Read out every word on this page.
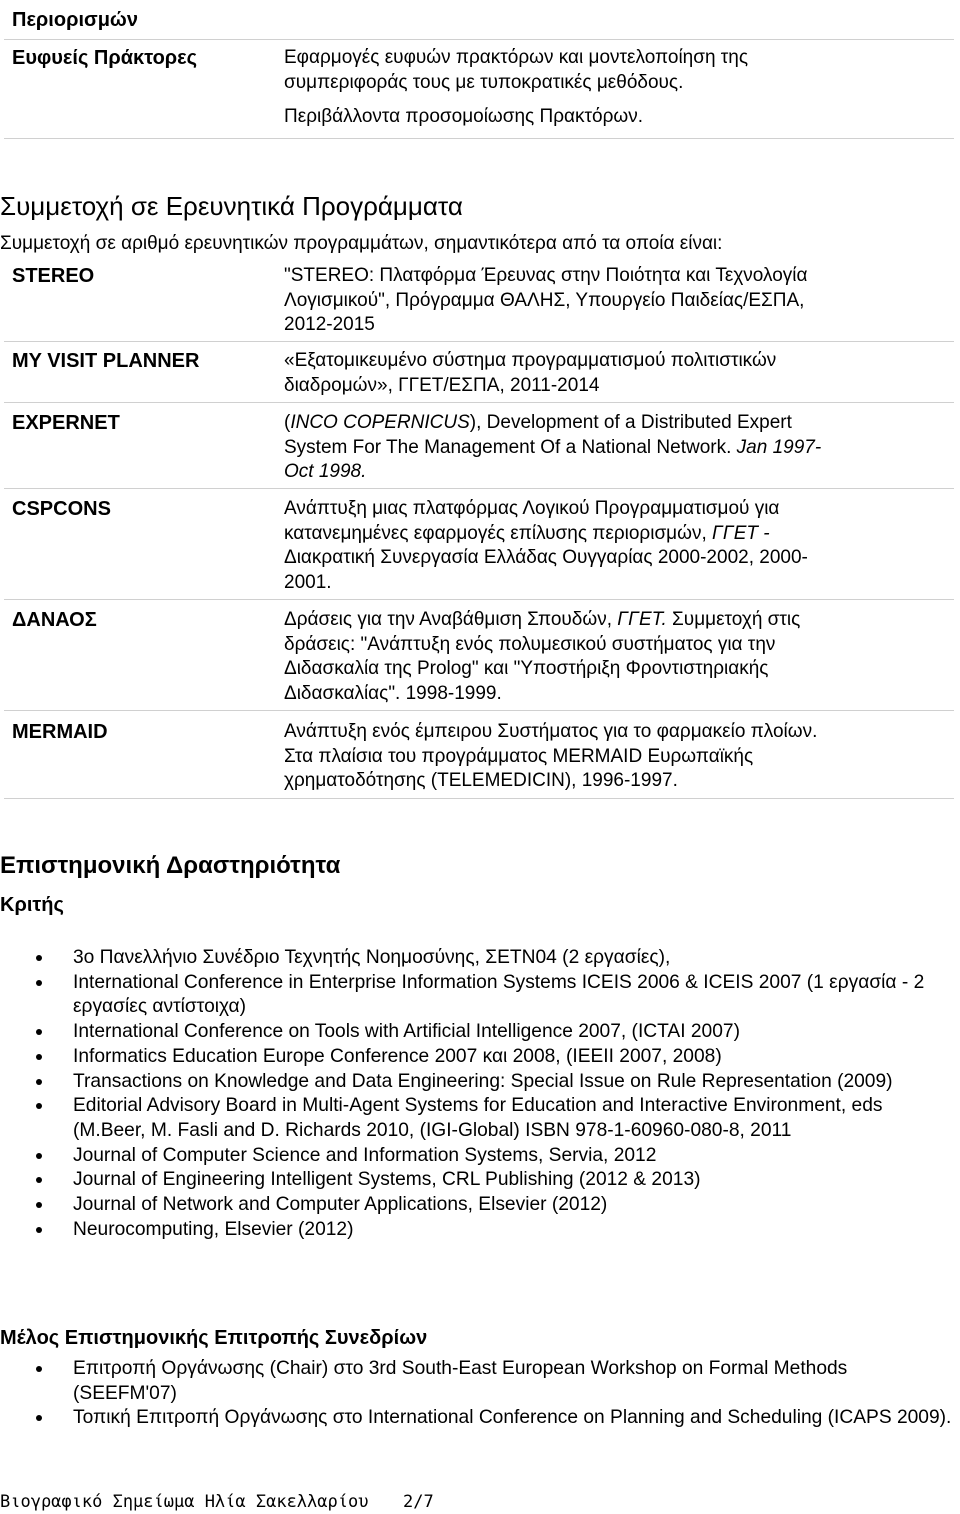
Περιορισμών
Ευφυείς Πράκτορες	Εφαρμογές ευφυών πρακτόρων και μοντελοποίηση της
συμπεριφοράς τους με τυποκρατικές μεθόδους.
Περιβάλλοντα προσομοίωσης Πρακτόρων.
Συμμετοχή σε Ερευνητικά Προγράμματα
Συμμετοχή σε αριθμό ερευνητικών προγραμμάτων, σημαντικότερα από τα οποία είναι:
STEREO	"STEREO: Πλατφόρμα Έρευνας στην Ποιότητα και Τεχνολογία
Λογισμικού", Πρόγραμμα ΘΑΛΗΣ, Υπουργείο Παιδείας/ΕΣΠΑ,
2012-2015
MY VISIT PLANNER	«Εξατομικευμένο σύστημα προγραμματισμού πολιτιστικών
διαδρομών», ΓΓΕΤ/ΕΣΠΑ, 2011-2014
EXPERNET	(INCO COPERNICUS), Development of a Distributed Expert
System For The Management Of a National Network. Jan 1997-
Oct 1998.
CSPCONS	Ανάπτυξη μιας πλατφόρμας Λογικού Προγραμματισμού για
κατανεμημένες εφαρμογές επίλυσης περιορισμών, ΓΓΕΤ -
Διακρατική Συνεργασία Ελλάδας Ουγγαρίας 2000-2002, 2000-
2001.
ΔΑΝΑΟΣ	Δράσεις για την Αναβάθμιση Σπουδών, ΓΓΕΤ. Συμμετοχή στις
δράσεις: "Ανάπτυξη ενός πολυμεσικού συστήματος για την
Διδασκαλία της Prolog" και "Υποστήριξη Φροντιστηριακής
Διδασκαλίας". 1998-1999.
MERMAID	Ανάπτυξη ενός έμπειρου Συστήματος για το φαρμακείο πλοίων.
Στα πλαίσια του προγράμματος MERMAID Ευρωπαϊκής
χρηματοδότησης (TELEMEDICIN), 1996-1997.
Επιστημονική Δραστηριότητα
Κριτής
3ο Πανελλήνιο Συνέδριο Τεχνητής Νοημοσύνης, ΣΕΤΝ04 (2 εργασίες),
International Conference in Enterprise Information Systems ICEIS 2006 & ICEIS 2007 (1 εργασία - 2 εργασίες αντίστοιχα)
International Conference on Tools with Artificial Intelligence 2007, (ICTAI 2007)
Informatics Education Europe Conference 2007 και 2008, (IEEII 2007, 2008)
Transactions on Knowledge and Data Engineering: Special Issue on Rule Representation (2009)
Editorial Advisory Board in Multi-Agent Systems for Education and Interactive Environment, eds (M.Beer, M. Fasli and D. Richards 2010, (IGI-Global) ISBN 978-1-60960-080-8, 2011
Journal of Computer Science and Information Systems, Servia, 2012
Journal of Engineering Intelligent Systems, CRL Publishing (2012 & 2013)
Journal of Network and Computer Applications, Elsevier (2012)
Neurocomputing, Elsevier (2012)
Μέλος Επιστημονικής Επιτροπής Συνεδρίων
Επιτροπή Οργάνωσης (Chair) στο 3rd South-East European Workshop on Formal Methods (SEEFM'07)
Τοπική Επιτροπή Οργάνωσης στο International Conference on Planning and Scheduling (ICAPS 2009).
Βιογραφικό Σημείωμα Ηλία Σακελλαρίου 2/7
